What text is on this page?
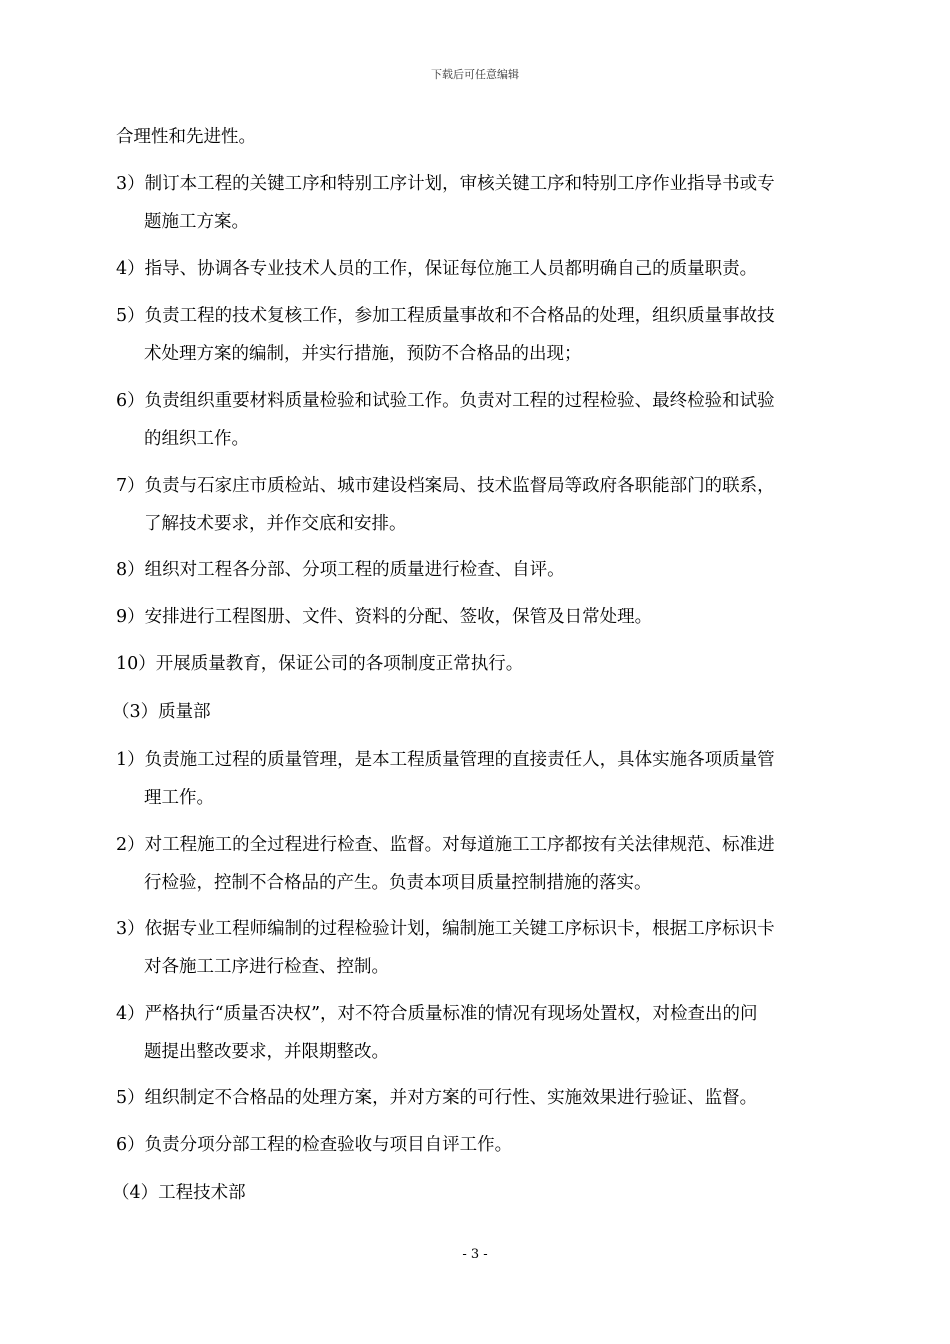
下载后可任意编辑
合理性和先进性。
3）制订本工程的关键工序和特别工序计划，审核关键工序和特别工序作业指导书或专
题施工方案。
4）指导、协调各专业技术人员的工作，保证每位施工人员都明确自己的质量职责。
5）负责工程的技术复核工作，参加工程质量事故和不合格品的处理，组织质量事故技
术处理方案的编制，并实行措施，预防不合格品的出现；
6）负责组织重要材料质量检验和试验工作。负责对工程的过程检验、最终检验和试验
的组织工作。
7）负责与石家庄市质检站、城市建设档案局、技术监督局等政府各职能部门的联系，
了解技术要求，并作交底和安排。
8）组织对工程各分部、分项工程的质量进行检查、自评。
9）安排进行工程图册、文件、资料的分配、签收，保管及日常处理。
10）开展质量教育，保证公司的各项制度正常执行。
（3）质量部
1）负责施工过程的质量管理，是本工程质量管理的直接责任人，具体实施各项质量管
理工作。
2）对工程施工的全过程进行检查、监督。对每道施工工序都按有关法律规范、标准进
行检验，控制不合格品的产生。负责本项目质量控制措施的落实。
3）依据专业工程师编制的过程检验计划，编制施工关键工序标识卡，根据工序标识卡
对各施工工序进行检查、控制。
4）严格执行“质量否决权”，对不符合质量标准的情况有现场处置权，对检查出的问
题提出整改要求，并限期整改。
5）组织制定不合格品的处理方案，并对方案的可行性、实施效果进行验证、监督。
6）负责分项分部工程的检查验收与项目自评工作。
（4）工程技术部
- 3 -
